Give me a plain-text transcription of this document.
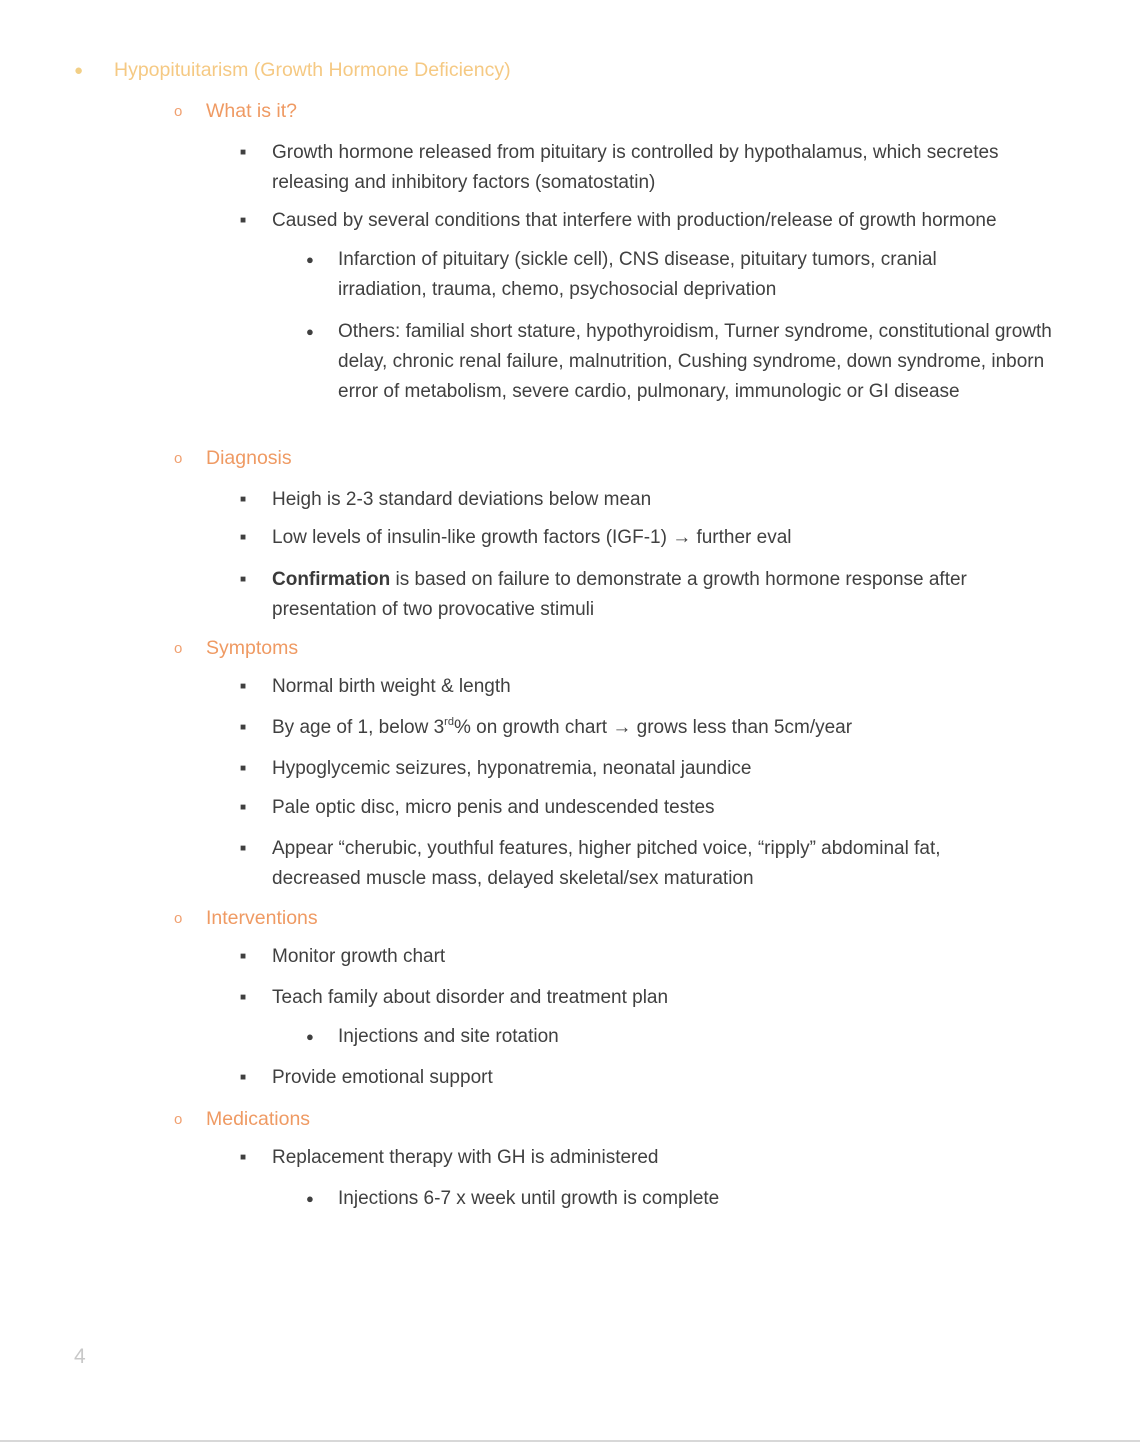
● Hypopituitarism (Growth Hormone Deficiency)
o What is it?
■ Growth hormone released from pituitary is controlled by hypothalamus, which secretes releasing and inhibitory factors (somatostatin)
■ Caused by several conditions that interfere with production/release of growth hormone
● Infarction of pituitary (sickle cell), CNS disease, pituitary tumors, cranial irradiation, trauma, chemo, psychosocial deprivation
● Others: familial short stature, hypothyroidism, Turner syndrome, constitutional growth delay, chronic renal failure, malnutrition, Cushing syndrome, down syndrome, inborn error of metabolism, severe cardio, pulmonary, immunologic or GI disease
o Diagnosis
■ Heigh is 2-3 standard deviations below mean
■ Low levels of insulin-like growth factors (IGF-1) → further eval
■ Confirmation is based on failure to demonstrate a growth hormone response after presentation of two provocative stimuli
o Symptoms
■ Normal birth weight & length
■ By age of 1, below 3rd% on growth chart → grows less than 5cm/year
■ Hypoglycemic seizures, hyponatremia, neonatal jaundice
■ Pale optic disc, micro penis and undescended testes
■ Appear “cherubic, youthful features, higher pitched voice, “ripply” abdominal fat, decreased muscle mass, delayed skeletal/sex maturation
o Interventions
■ Monitor growth chart
■ Teach family about disorder and treatment plan
● Injections and site rotation
■ Provide emotional support
o Medications
■ Replacement therapy with GH is administered
● Injections 6-7 x week until growth is complete
4
